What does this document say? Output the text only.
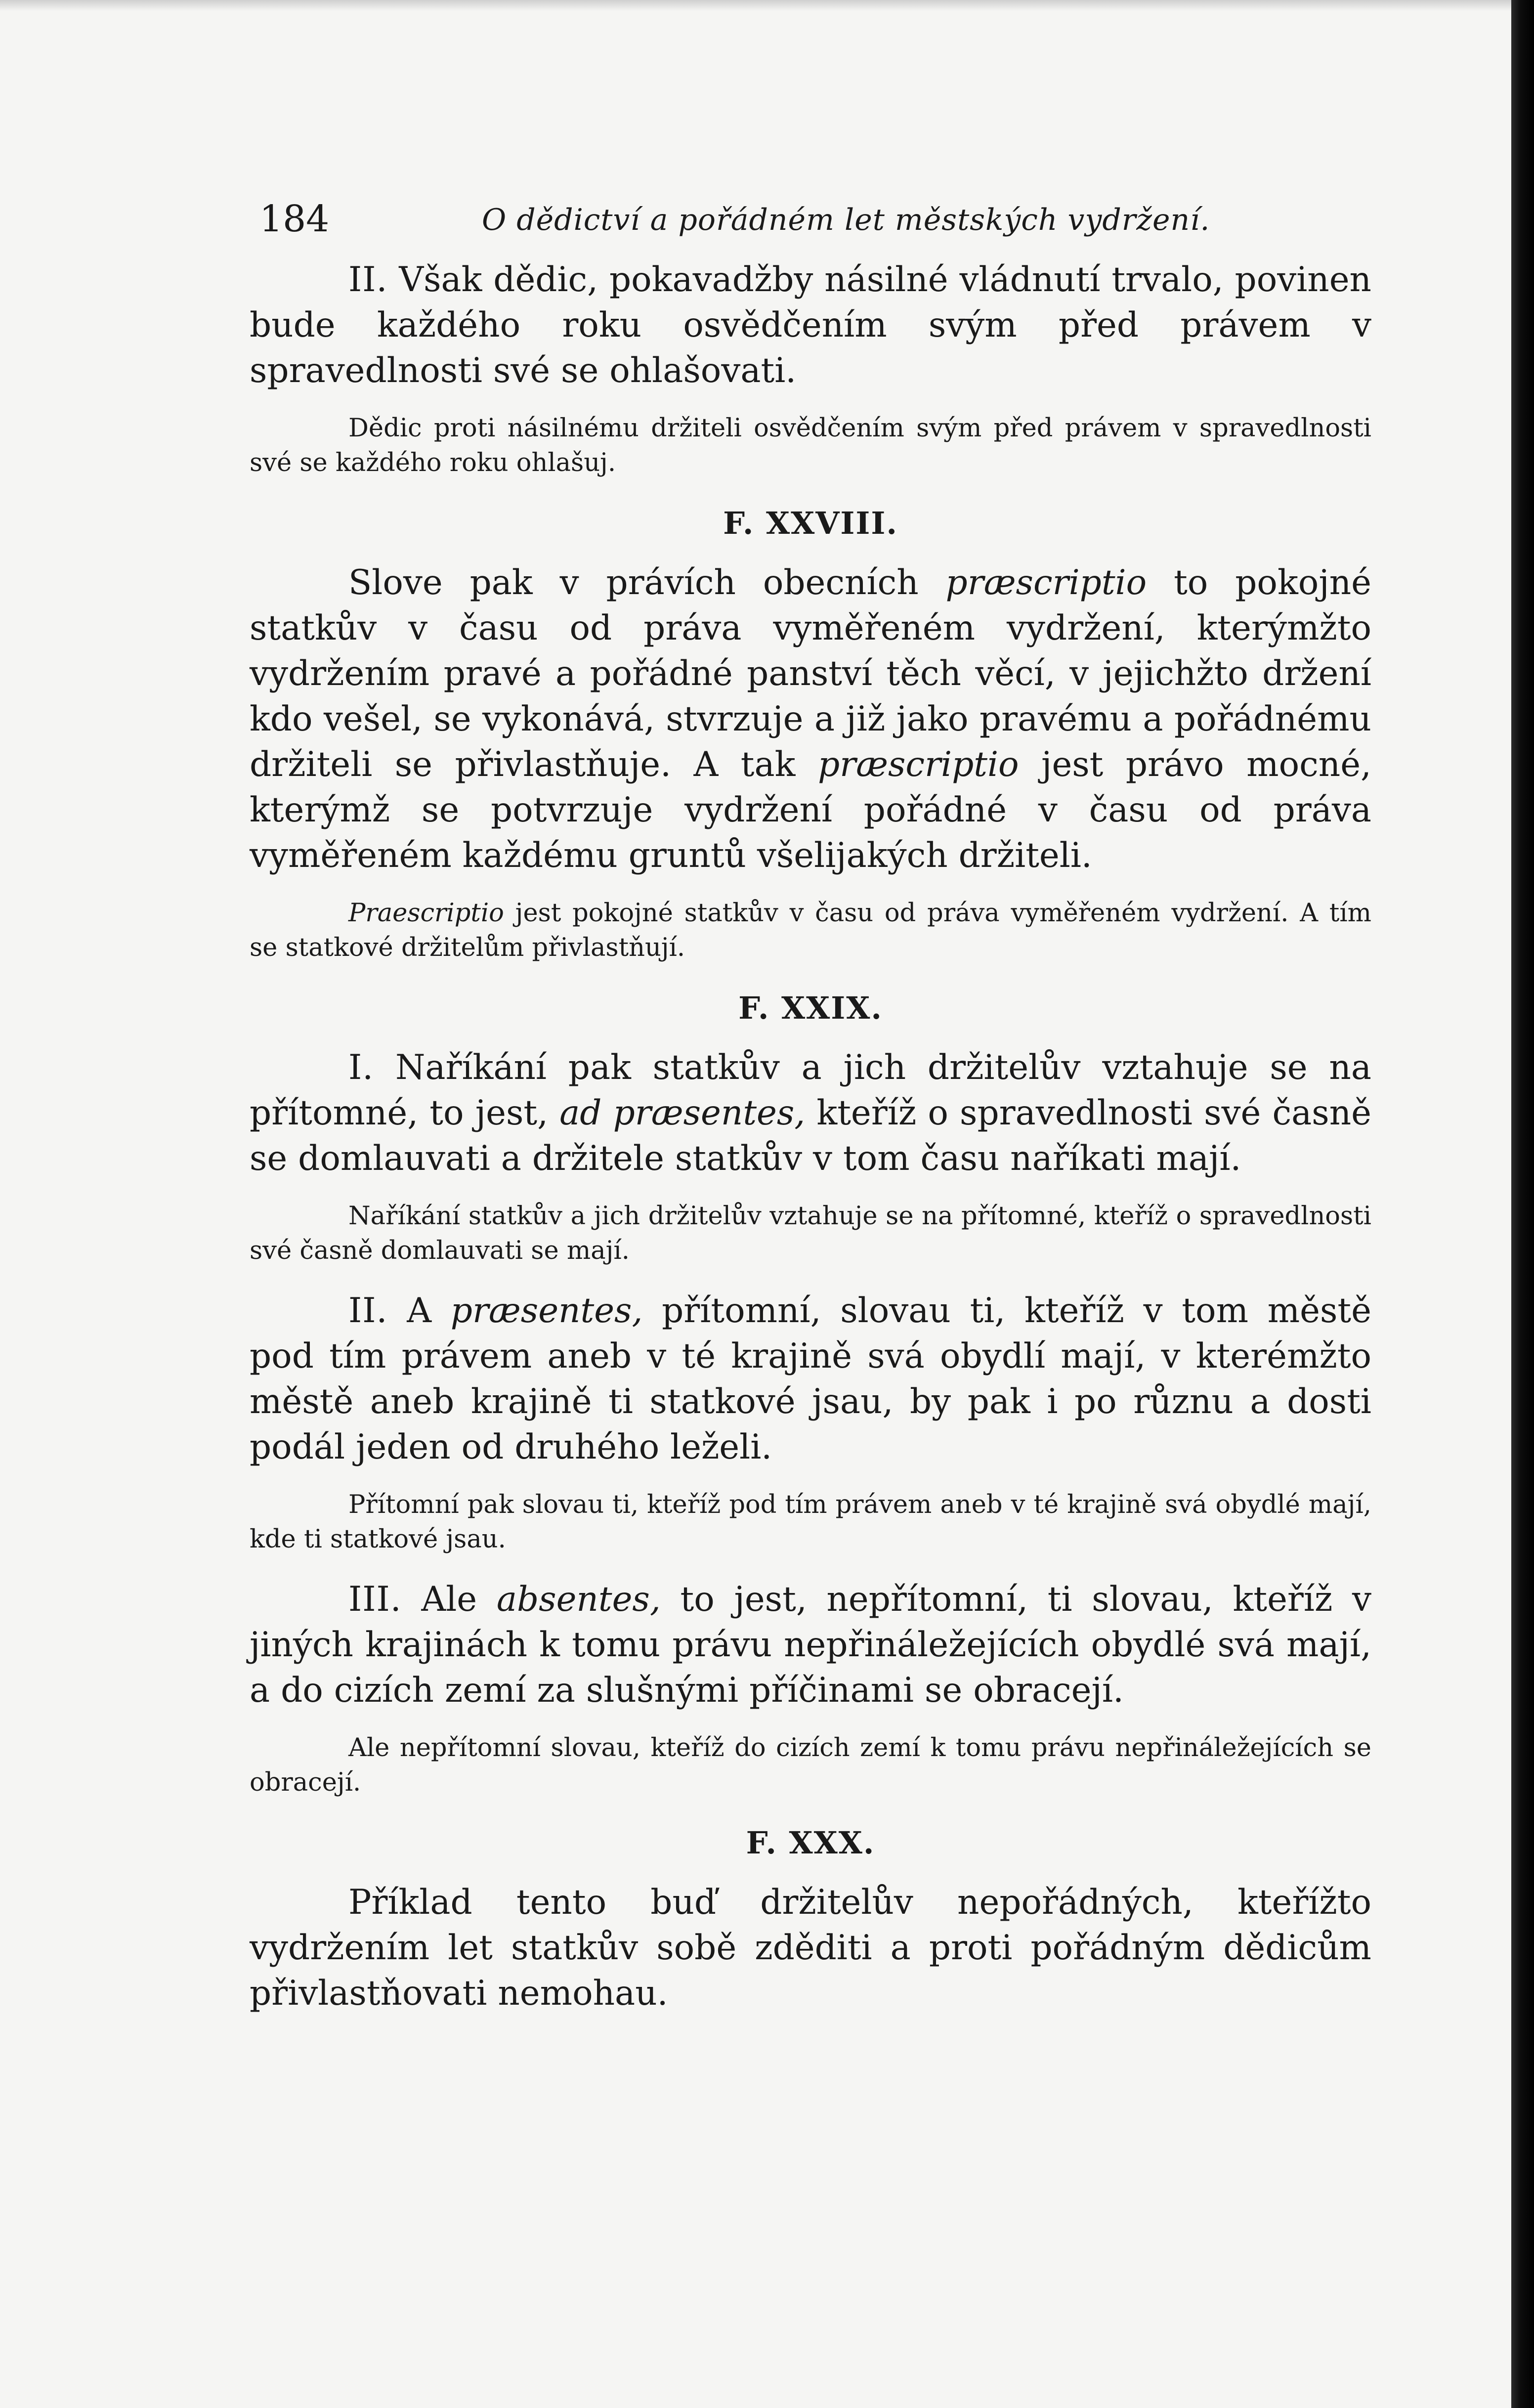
184	O dědictví a pořádném let městských vydržení.

II. Však dědic, pokavadžby násilné vládnutí trvalo, povinen bude každého roku osvědčením svým před právem v spravedlnosti své se ohlašovati.

Dědic proti násilnému držiteli osvědčením svým před právem v spravedlnosti své se každého roku ohlašuj.

F. XXVIII.

Slove pak v právích obecních præscriptio to pokojné statkův v času od práva vyměřeném vydržení, kterýmžto vydržením pravé a pořádné panství těch věcí, v jejichžto držení kdo vešel, se vykonává, stvrzuje a již jako pravému a pořádnému držiteli se přivlastňuje. A tak præscriptio jest právo mocné, kterýmž se potvrzuje vydržení pořádné v času od práva vyměřeném každému gruntů všelijakých držiteli.

Praescriptio jest pokojné statkův v času od práva vyměřeném vydržení. A tím se statkové držitelům přivlastňují.

F. XXIX.

I. Naříkání pak statkův a jich držitelův vztahuje se na přítomné, to jest, ad præsentes, kteříž o spravedlnosti své časně se domlauvati a držitele statkův v tom času naříkati mají.

Naříkání statkův a jich držitelův vztahuje se na přítomné, kteříž o spravedlnosti své časně domlauvati se mají.

II. A præsentes, přítomní, slovau ti, kteříž v tom městě pod tím právem aneb v té krajině svá obydlí mají, v kterémžto městě aneb krajině ti statkové jsau, by pak i po různu a dosti podál jeden od druhého leželi.

Přítomní pak slovau ti, kteříž pod tím právem aneb v té krajině svá obydlé mají, kde ti statkové jsau.

III. Ale absentes, to jest, nepřítomní, ti slovau, kteříž v jiných krajinách k tomu právu nepřináležejících obydlé svá mají, a do cizích zemí za slušnými příčinami se obracejí.

Ale nepřítomní slovau, kteříž do cizích zemí k tomu právu nepřináležejících se obracejí.

F. XXX.

Příklad tento buď držitelův nepořádných, kteřížto vydržením let statkův sobě zděditi a proti pořádným dědicům přivlastňovati nemohau.
